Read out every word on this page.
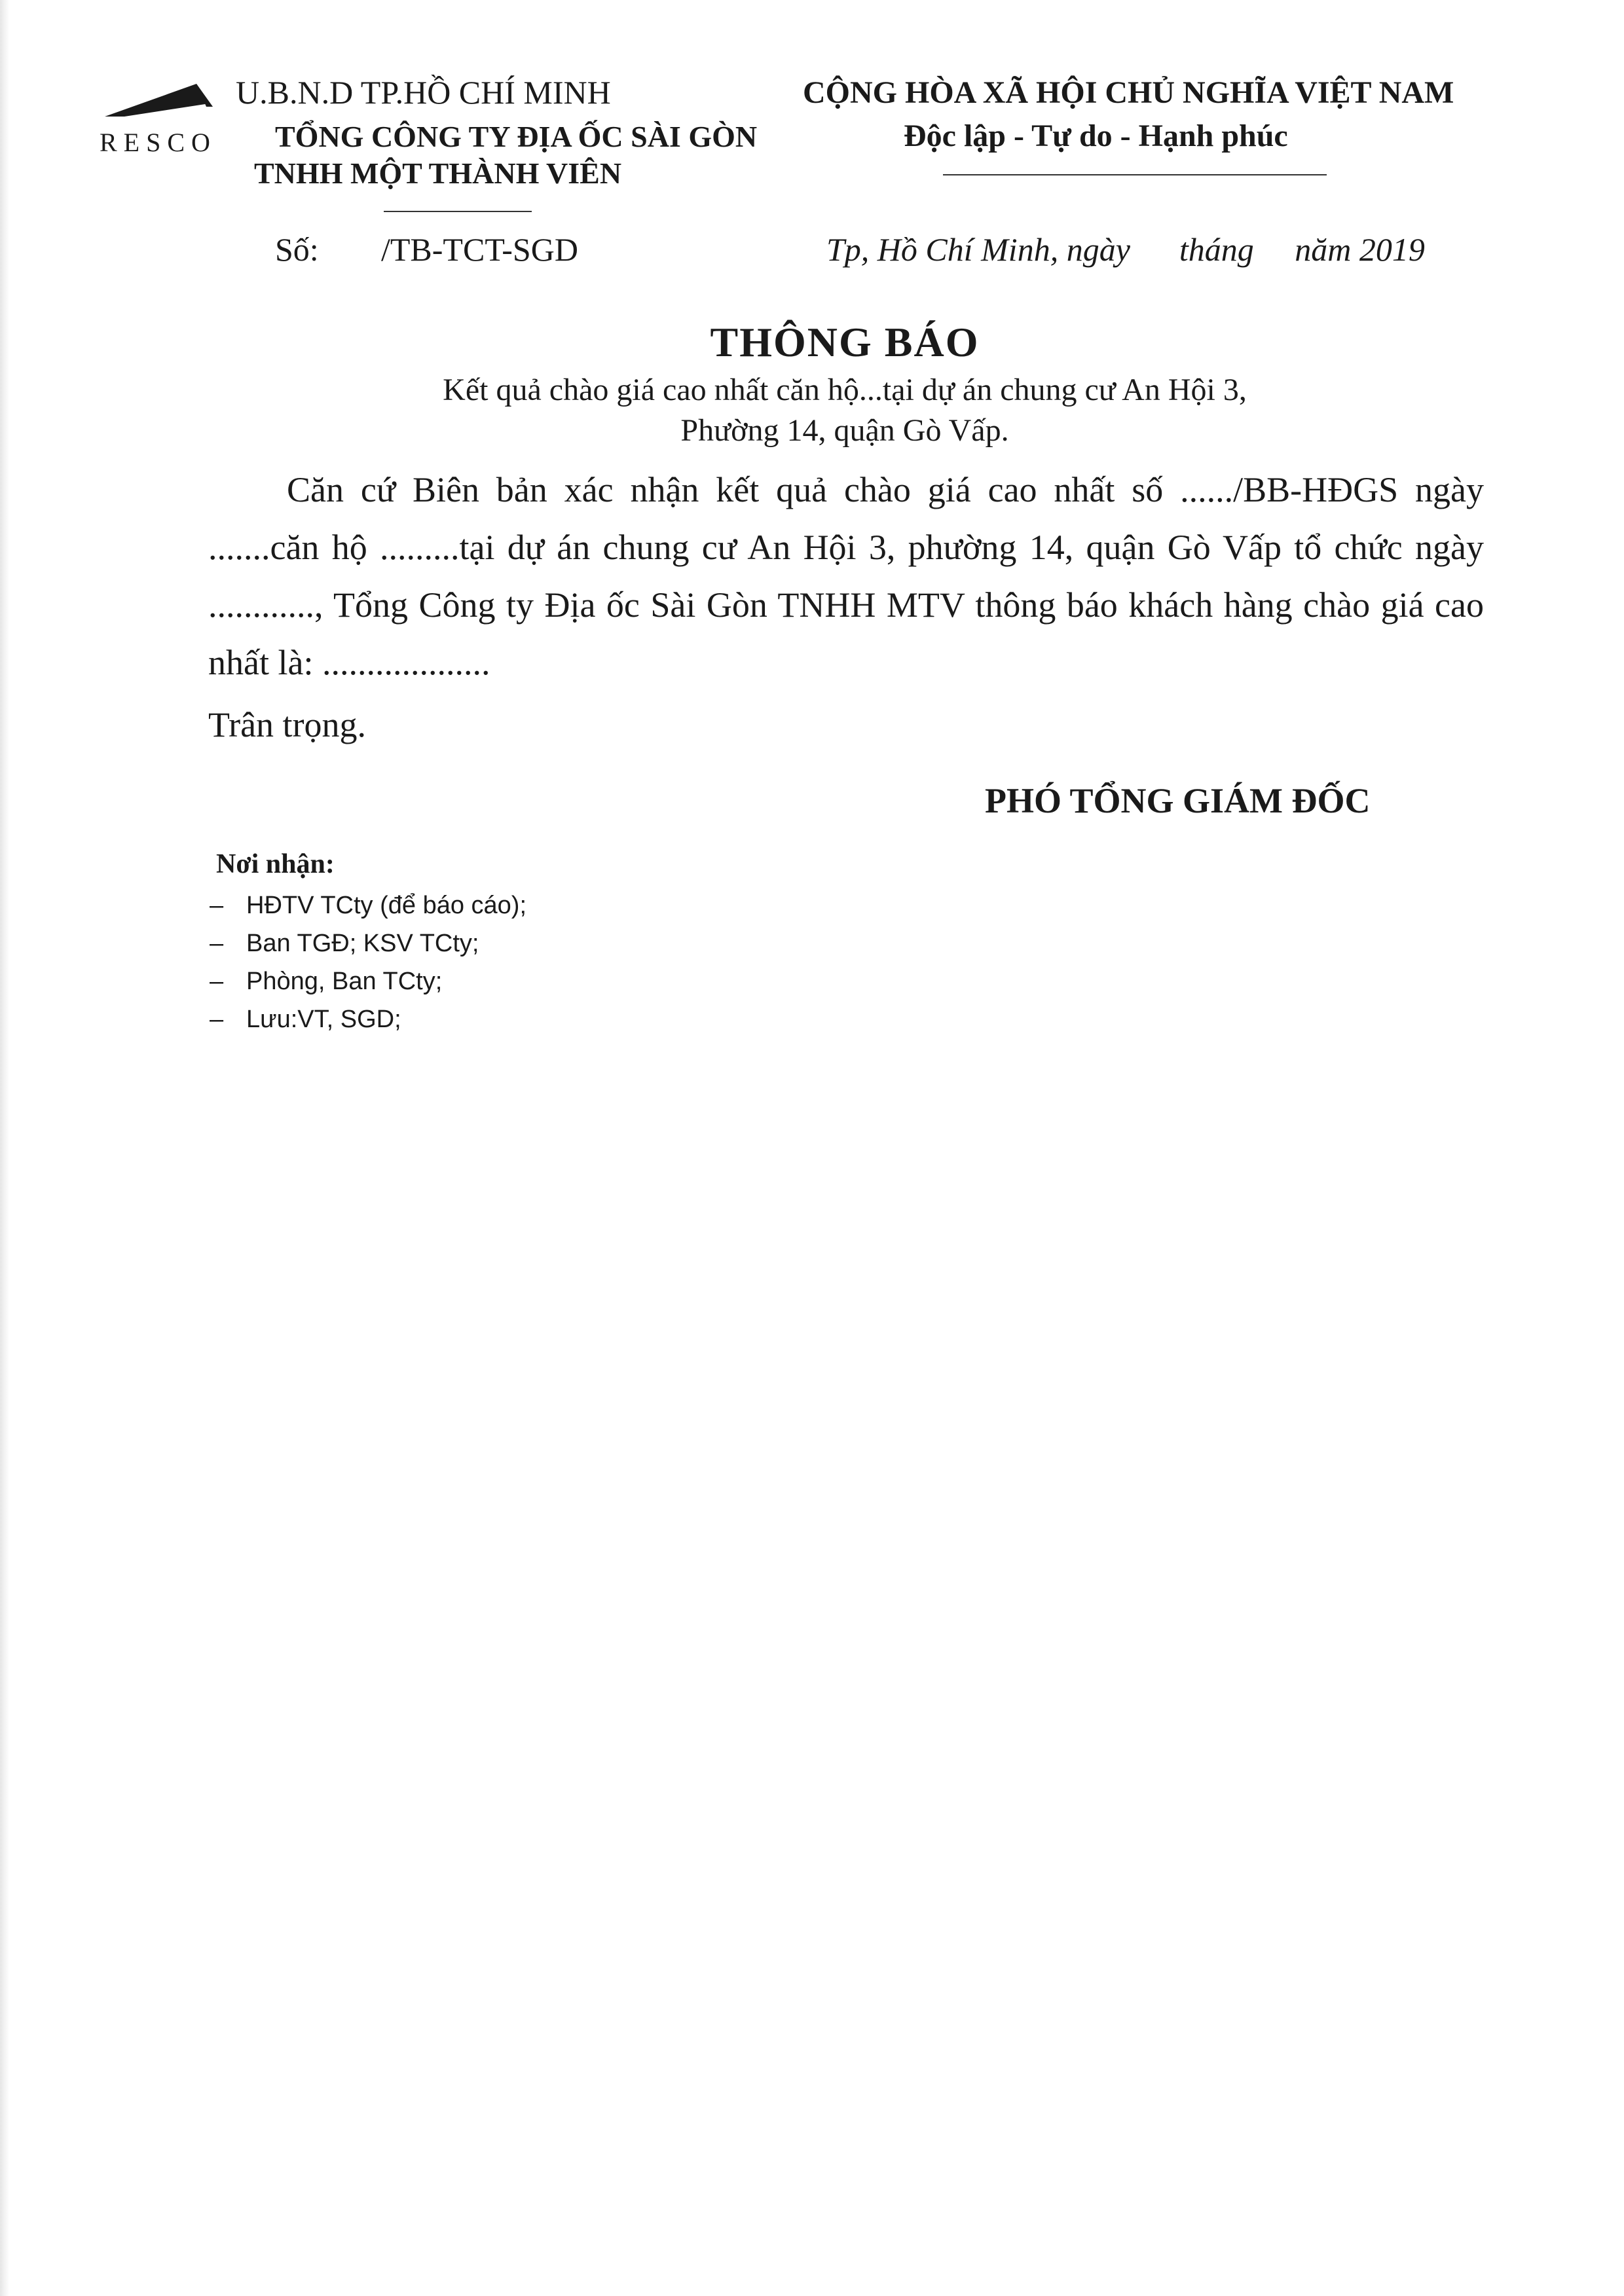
RESCO
U.B.N.D TP.HỒ CHÍ MINH
TỔNG CÔNG TY ĐỊA ỐC SÀI GÒN
TNHH MỘT THÀNH VIÊN
CỘNG HÒA XÃ HỘI CHỦ NGHĨA VIỆT NAM
Độc lập - Tự do - Hạnh phúc
Số: /TB-TCT-SGD	Tp, Hồ Chí Minh, ngày      tháng     năm 2019
THÔNG BÁO
Kết quả chào giá cao nhất căn hộ...tại dự án chung cư An Hội 3,
Phường 14, quận Gò Vấp.
Căn cứ Biên bản xác nhận kết quả chào giá cao nhất số ....../BB-HĐGS ngày .......căn hộ .........tại dự án chung cư An Hội 3, phường 14, quận Gò Vấp tổ chức ngày ............, Tổng Công ty Địa ốc Sài Gòn TNHH MTV thông báo khách hàng chào giá cao nhất là: ...................
Trân trọng.
PHÓ TỔNG GIÁM ĐỐC
Nơi nhận:
– HĐTV TCty (để báo cáo);
– Ban TGĐ; KSV TCty;
– Phòng, Ban TCty;
– Lưu:VT, SGD;
